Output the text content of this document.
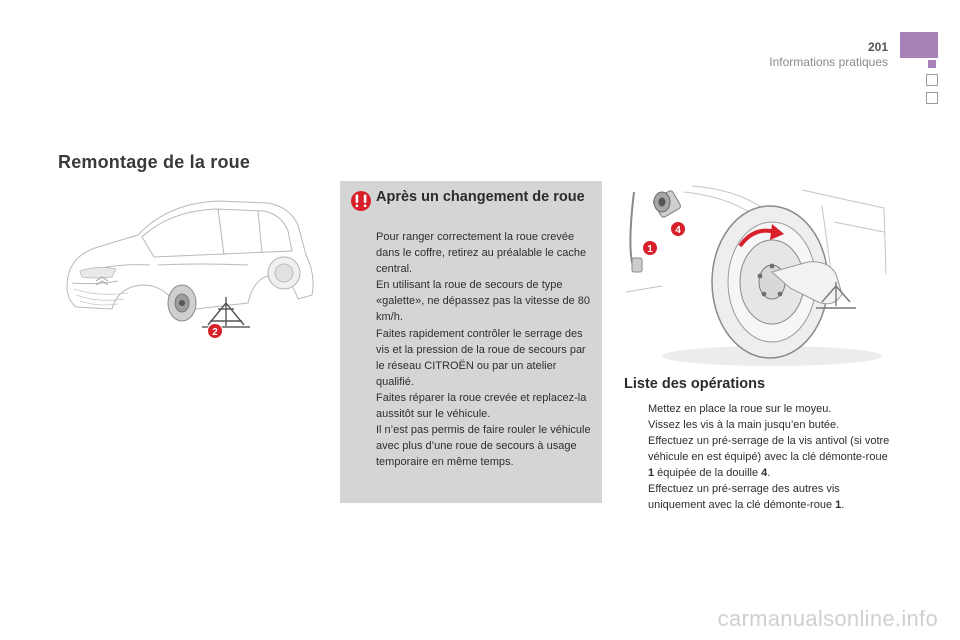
201
Informations pratiques
Remontage de la roue
2
Après un changement de roue

Pour ranger correctement la roue crevée dans le coffre, retirez au préalable le cache central.

En utilisant la roue de secours de type «galette», ne dépassez pas la vitesse de 80 km/h.

Faites rapidement contrôler le serrage des vis et la pression de la roue de secours par le réseau CITROËN ou par un atelier qualifié.

Faites réparer la roue crevée et replacez-la aussitôt sur le véhicule.

Il n’est pas permis de faire rouler le véhicule avec plus d’une roue de secours à usage temporaire en même temps.

1
4
Liste des opérations
Mettez en place la roue sur le moyeu.
Vissez les vis à la main jusqu’en butée.
Effectuez un pré-serrage de la vis antivol (si votre véhicule en est équipé) avec la clé démonte-roue 1 équipée de la douille 4.
Effectuez un pré-serrage des autres vis uniquement avec la clé démonte-roue 1.
carmanualsonline.info
